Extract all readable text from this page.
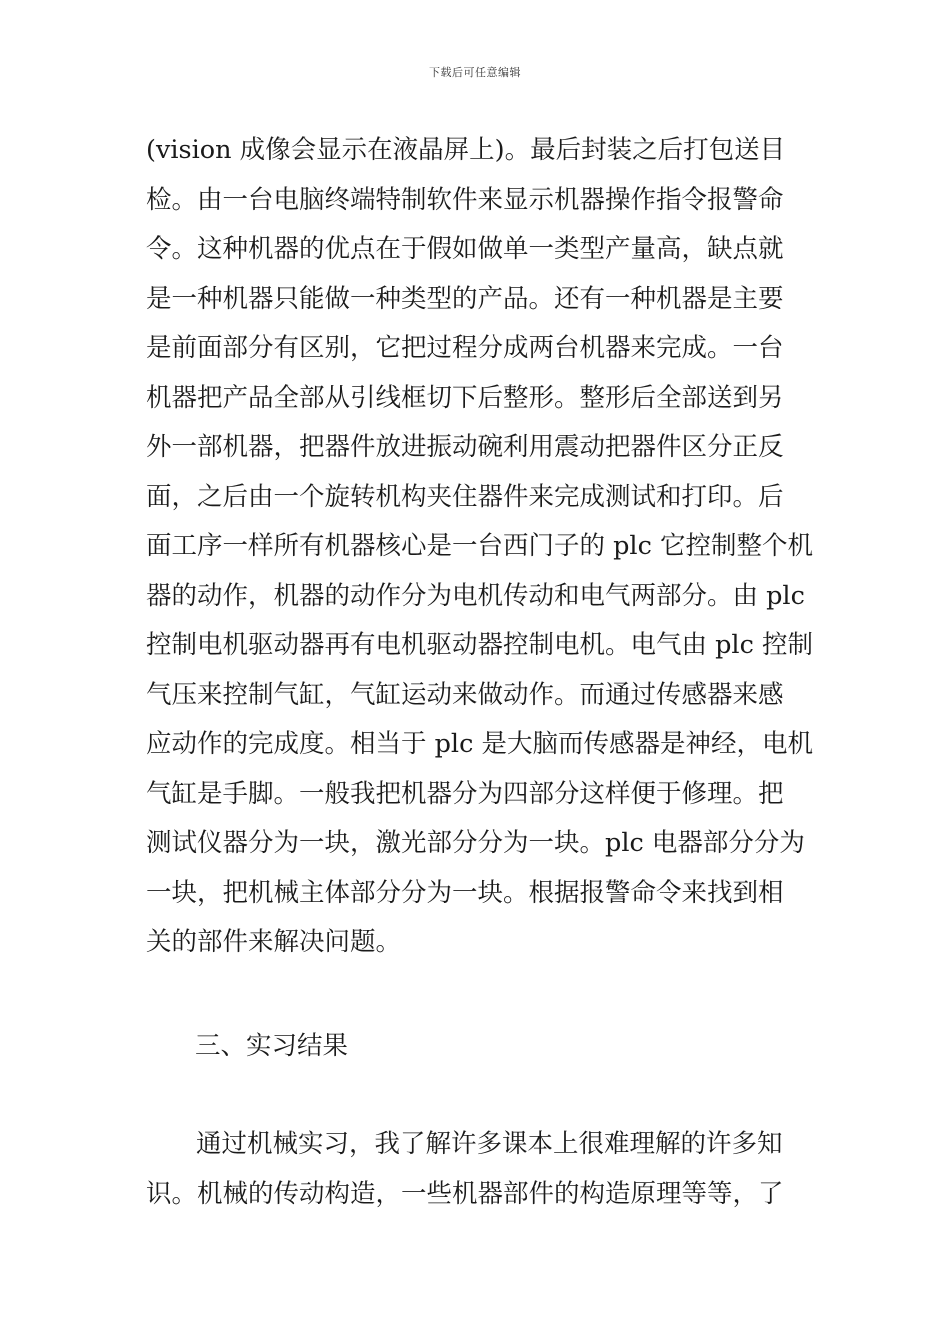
下载后可任意编辑
(vision 成像会显示在液晶屏上)。最后封装之后打包送目
检。由一台电脑终端特制软件来显示机器操作指令报警命
令。这种机器的优点在于假如做单一类型产量高，缺点就
是一种机器只能做一种类型的产品。还有一种机器是主要
是前面部分有区别，它把过程分成两台机器来完成。一台
机器把产品全部从引线框切下后整形。整形后全部送到另
外一部机器，把器件放进振动碗利用震动把器件区分正反
面，之后由一个旋转机构夹住器件来完成测试和打印。后
面工序一样所有机器核心是一台西门子的 plc 它控制整个机
器的动作，机器的动作分为电机传动和电气两部分。由 plc
控制电机驱动器再有电机驱动器控制电机。电气由 plc 控制
气压来控制气缸，气缸运动来做动作。而通过传感器来感
应动作的完成度。相当于 plc 是大脑而传感器是神经，电机
气缸是手脚。一般我把机器分为四部分这样便于修理。把
测试仪器分为一块，激光部分分为一块。plc 电器部分分为
一块，把机械主体部分分为一块。根据报警命令来找到相
关的部件来解决问题。
三、实习结果
通过机械实习，我了解许多课本上很难理解的许多知
识。机械的传动构造，一些机器部件的构造原理等等，了
